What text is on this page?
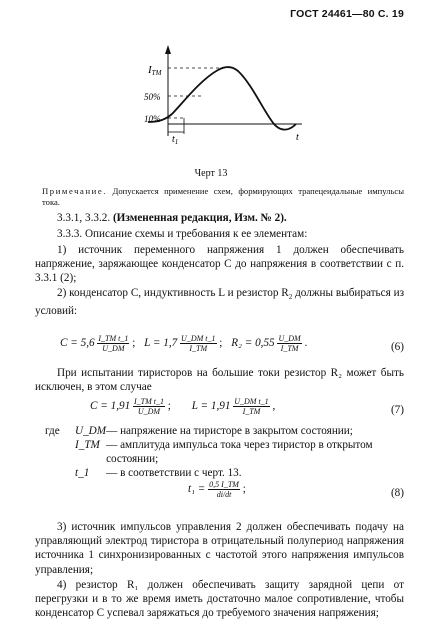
ГОСТ 24461—80 С. 19
IТМ
50%
10%
$t_1$	t
Черт 13
Примечание. Допускается применение схем, формирующих трапецеидальные импульсы тока.
3.3.1, 3.3.2. (Измененная редакция, Изм. № 2).
3.3.3. Описание схемы и требования к ее элементам:
1) источник переменного напряжения 1 должен обеспечивать напряжение, заряжающее конденсатор C до напряжения в соответствии с п. 3.3.1 (2);
2) конденсатор C, индуктивность L и резистор $R_2$ должны выбираться из условий:
$C = 5,6 \frac{\text{I\_TM t\_1}}{U\_DM}$ ; $L = 1,7 \frac{\text{U\_DM t\_1}}{I\_TM}$ ; $R_2 = 0,55 \frac{U\_DM}{I\_TM}$ .	(6)
При испытании тиристоров на большие токи резистор R₂ может быть исключен, в этом случае
$C = 1,91 \frac{\text{I\_TM t\_1}}{U\_DM}$ ; $L = 1,91 \frac{\text{U\_DM t\_1}}{I\_TM}$ ,	(7)
где	U_DM	— напряжение на тиристоре в закрытом состоянии;
	I_TM	— амплитуда импульса тока через тиристор в открытом состоянии;
	t_1	— в соответствии с черт. 13.
$t_1 = \frac{0,5 I\_TM}{di/dt}$ ;	(8)
3) источник импульсов управления 2 должен обеспечивать подачу на управляющий электрод тиристора в отрицательный полупериод напряжения источника 1 синхронизированных с частотой этого напряжения импульсов управления;
4) резистор R₁ должен обеспечивать защиту зарядной цепи от перегрузки и в то же время иметь достаточно малое сопротивление, чтобы конденсатор C успевал заряжаться до требуемого значения напряжения;
